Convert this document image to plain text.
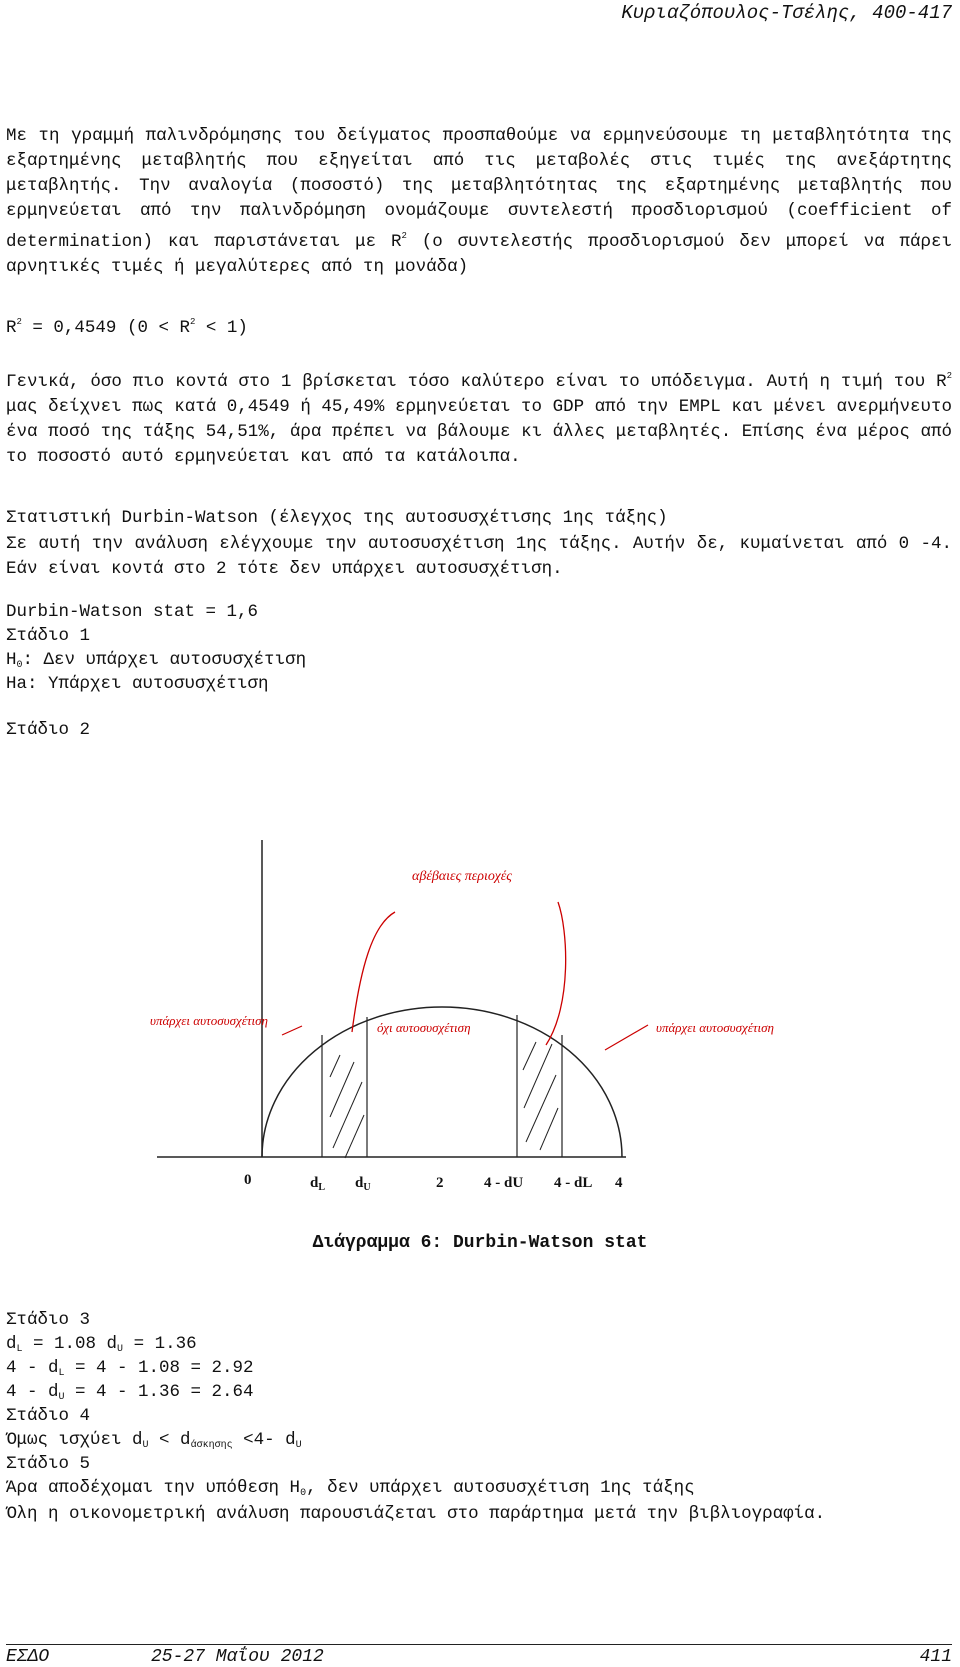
Κυριαζόπουλος-Τσέλης, 400-417
Με τη γραμμή παλινδρόμησης του δείγματος προσπαθούμε να ερμηνεύσουμε τη μεταβλητότητα της εξαρτημένης μεταβλητής που εξηγείται από τις μεταβολές στις τιμές της ανεξάρτητης μεταβλητής. Την αναλογία (ποσοστό) της μεταβλητότητας της εξαρτημένης μεταβλητής που ερμηνεύεται από την παλινδρόμηση ονομάζουμε συντελεστή προσδιορισμού (coefficient of determination) και παριστάνεται με $R^2$ (ο συντελεστής προσδιορισμού δεν μπορεί να πάρει αρνητικές τιμές ή μεγαλύτερες από τη μονάδα)
$R^2 = 0,4549$ $(0 < R^2 < 1)$
Γενικά, όσο πιο κοντά στο 1 βρίσκεται τόσο καλύτερο είναι το υπόδειγμα. Αυτή η τιμή του $R^2$ μας δείχνει πως κατά 0,4549 ή 45,49% ερμηνεύεται το GDP από την EMPL και μένει ανερμήνευτο ένα ποσό της τάξης 54,51%, άρα πρέπει να βάλουμε κι άλλες μεταβλητές. Επίσης ένα μέρος από το ποσοστό αυτό ερμηνεύεται και από τα κατάλοιπα.
Στατιστική Durbin-Watson (έλεγχος της αυτοσυσχέτισης 1ης τάξης)
Σε αυτή την ανάλυση ελέγχουμε την αυτοσυσχέτιση 1ης τάξης. Αυτήν δε, κυμαίνεται από 0 -4. Εάν είναι κοντά στο 2 τότε δεν υπάρχει αυτοσυσχέτιση.
Durbin-Watson stat = 1,6
Στάδιο 1
$H_0$: Δεν υπάρχει αυτοσυσχέτιση
Ha: Υπάρχει αυτοσυσχέτιση
Στάδιο 2
αβέβαιες περιοχές
υπάρχει αυτοσυσχέτιση	όχι αυτοσυσχέτιση	υπάρχει αυτοσυσχέτιση
0	$d_L$ $d_U$	2	4 - dU 4 - dL 4
Διάγραμμα 6: Durbin-Watson stat
Στάδιο 3
$d_L = 1.08$ $d_U = 1.36$
$4 - d_L = 4 - 1.08 = 2.92$
$4 - d_U = 4 - 1.36 = 2.64$
Στάδιο 4
Όμως ισχύει $d_U < d_{ά\sigma\kappa\eta\sigma\eta\varsigma} <4-$ $d_U$
Στάδιο 5
Άρα αποδέχομαι την υπόθεση $H_0$, δεν υπάρχει αυτοσυσχέτιση 1ης τάξης
Όλη η οικονομετρική ανάλυση παρουσιάζεται στο παράρτημα μετά την βιβλιογραφία.
ΕΣΔΟ	25-27 Μαΐου 2012	411
